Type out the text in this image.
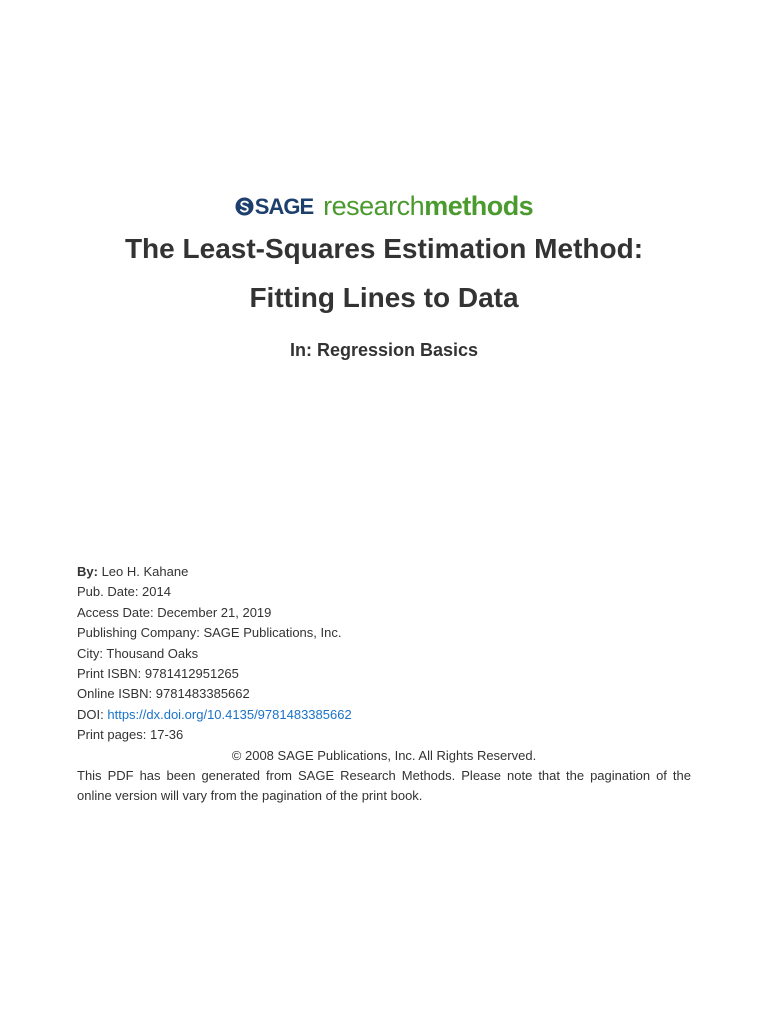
SAGE research methods
The Least-Squares Estimation Method:
Fitting Lines to Data
In: Regression Basics
By: Leo H. Kahane
Pub. Date: 2014
Access Date: December 21, 2019
Publishing Company: SAGE Publications, Inc.
City: Thousand Oaks
Print ISBN: 9781412951265
Online ISBN: 9781483385662
DOI: https://dx.doi.org/10.4135/9781483385662
Print pages: 17-36
© 2008 SAGE Publications, Inc. All Rights Reserved.
This PDF has been generated from SAGE Research Methods. Please note that the pagination of the online version will vary from the pagination of the print book.
